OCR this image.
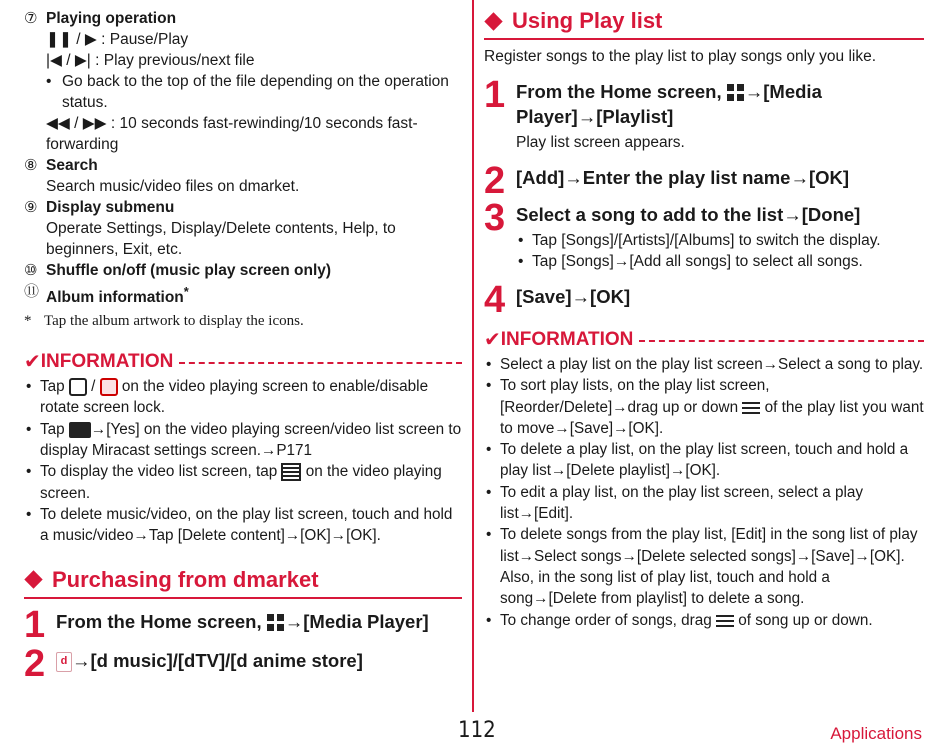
⑦ Playing operation
❚❚ / ▶ : Pause/Play
|◀ / ▶| : Play previous/next file
• Go back to the top of the file depending on the operation status.
◀◀ / ▶▶ : 10 seconds fast-rewinding/10 seconds fast-forwarding
⑧ Search
Search music/video files on dmarket.
⑨ Display submenu
Operate Settings, Display/Delete contents, Help, to beginners, Exit, etc.
⑩ Shuffle on/off (music play screen only)
⑪ Album information*
* Tap the album artwork to display the icons.
✔ INFORMATION
• Tap / on the video playing screen to enable/disable rotate screen lock.
• Tap →[Yes] on the video playing screen/video list screen to display Miracast settings screen.→P171
• To display the video list screen, tap on the video playing screen.
• To delete music/video, on the play list screen, touch and hold a music/video→Tap [Delete content]→[OK]→[OK].
Purchasing from dmarket
1 From the Home screen, →[Media Player]
2	d →[d music]/[dTV]/[d anime store]
Using Play list
Register songs to the play list to play songs only you like.
1 From the Home screen, →[Media Player]→[Playlist]
Play list screen appears.
2 [Add]→Enter the play list name→[OK]
3 Select a song to add to the list→[Done]
• Tap [Songs]/[Artists]/[Albums] to switch the display.
• Tap [Songs]→[Add all songs] to select all songs.
4 [Save]→[OK]
✔ INFORMATION
• Select a play list on the play list screen→Select a song to play.
• To sort play lists, on the play list screen, [Reorder/Delete]→drag up or down of the play list you want to move→[Save]→[OK].
• To delete a play list, on the play list screen, touch and hold a play list→[Delete playlist]→[OK].
• To edit a play list, on the play list screen, select a play list→[Edit].
• To delete songs from the play list, [Edit] in the song list of play list→Select songs→[Delete selected songs]→[Save]→[OK]. Also, in the song list of play list, touch and hold a song→[Delete from playlist] to delete a song.
• To change order of songs, drag of song up or down.
112	Applications
